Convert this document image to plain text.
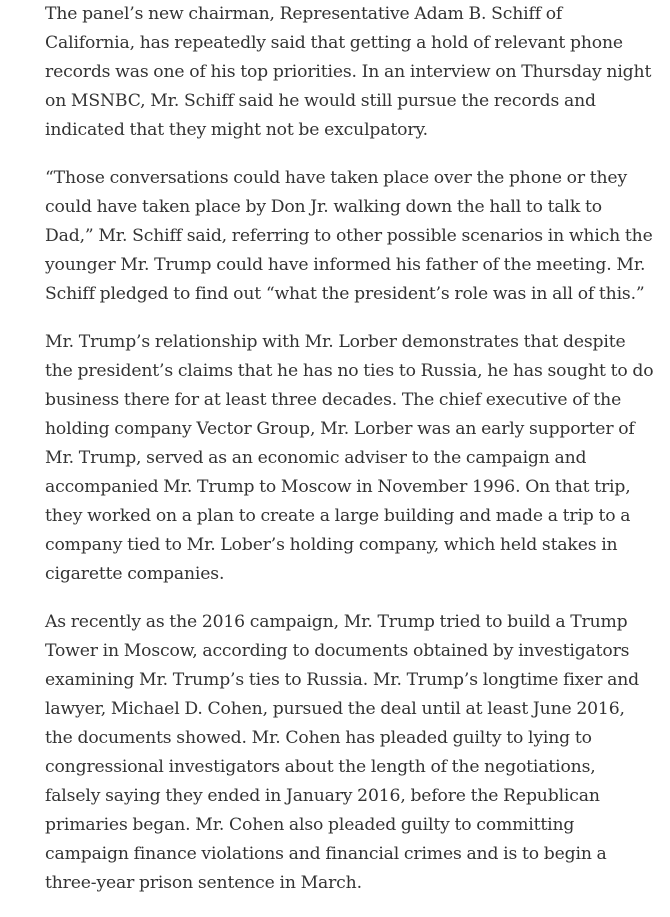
The panel’s new chairman, Representative Adam B. Schiff of California, has repeatedly said that getting a hold of relevant phone records was one of his top priorities. In an interview on Thursday night on MSNBC, Mr. Schiff said he would still pursue the records and indicated that they might not be exculpatory.

“Those conversations could have taken place over the phone or they could have taken place by Don Jr. walking down the hall to talk to Dad,” Mr. Schiff said, referring to other possible scenarios in which the younger Mr. Trump could have informed his father of the meeting. Mr. Schiff pledged to find out “what the president’s role was in all of this.”

Mr. Trump’s relationship with Mr. Lorber demonstrates that despite the president’s claims that he has no ties to Russia, he has sought to do business there for at least three decades. The chief executive of the holding company Vector Group, Mr. Lorber was an early supporter of Mr. Trump, served as an economic adviser to the campaign and accompanied Mr. Trump to Moscow in November 1996. On that trip, they worked on a plan to create a large building and made a trip to a company tied to Mr. Lober’s holding company, which held stakes in cigarette companies.

As recently as the 2016 campaign, Mr. Trump tried to build a Trump Tower in Moscow, according to documents obtained by investigators examining Mr. Trump’s ties to Russia. Mr. Trump’s longtime fixer and lawyer, Michael D. Cohen, pursued the deal until at least June 2016, the documents showed. Mr. Cohen has pleaded guilty to lying to congressional investigators about the length of the negotiations, falsely saying they ended in January 2016, before the Republican primaries began. Mr. Cohen also pleaded guilty to committing campaign finance violations and financial crimes and is to begin a three-year prison sentence in March.
